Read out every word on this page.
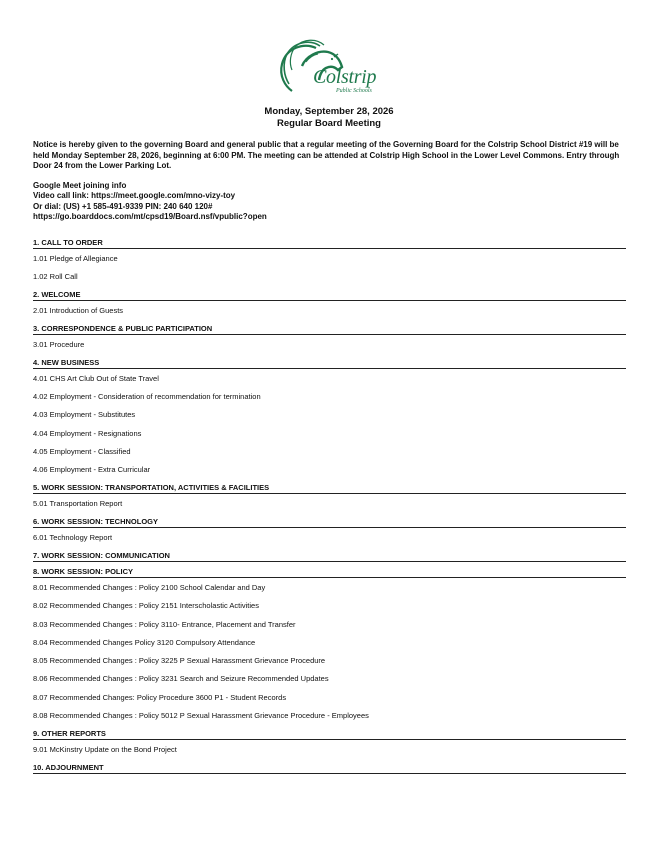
Colstrip
Public Schools
Monday, September 28, 2026
Regular Board Meeting
Notice is hereby given to the governing Board and general public that a regular meeting of the Governing Board for the Colstrip School District #19 will be held Monday September 28, 2026, beginning at 6:00 PM. The meeting can be attended at Colstrip High School in the Lower Level Commons. Entry through Door 24 from the Lower Parking Lot.
Google Meet joining info
Video call link: https://meet.google.com/mno-vizy-toy
Or dial: (US) +1 585-491-9339 PIN: 240 640 120#
https://go.boarddocs.com/mt/cpsd19/Board.nsf/vpublic?open
1. CALL TO ORDER
1.01 Pledge of Allegiance
1.02 Roll Call
2. WELCOME
2.01 Introduction of Guests
3. CORRESPONDENCE & PUBLIC PARTICIPATION
3.01 Procedure
4. NEW BUSINESS
4.01 CHS Art Club Out of State Travel
4.02 Employment - Consideration of recommendation for termination
4.03 Employment - Substitutes
4.04 Employment - Resignations
4.05 Employment - Classified
4.06 Employment - Extra Curricular
5. WORK SESSION: TRANSPORTATION, ACTIVITIES & FACILITIES
5.01 Transportation Report
6. WORK SESSION: TECHNOLOGY
6.01 Technology Report
7. WORK SESSION: COMMUNICATION
8. WORK SESSION: POLICY
8.01 Recommended Changes : Policy 2100 School Calendar and Day
8.02 Recommended Changes : Policy 2151 Interscholastic Activities
8.03 Recommended Changes : Policy 3110- Entrance, Placement and Transfer
8.04 Recommended Changes Policy 3120 Compulsory Attendance
8.05 Recommended Changes : Policy 3225 P Sexual Harassment Grievance Procedure
8.06 Recommended Changes : Policy 3231 Search and Seizure Recommended Updates
8.07 Recommended Changes: Policy Procedure 3600 P1 - Student Records
8.08 Recommended Changes : Policy 5012 P Sexual Harassment Grievance Procedure - Employees
9. OTHER REPORTS
9.01 McKinstry Update on the Bond Project
10. ADJOURNMENT
